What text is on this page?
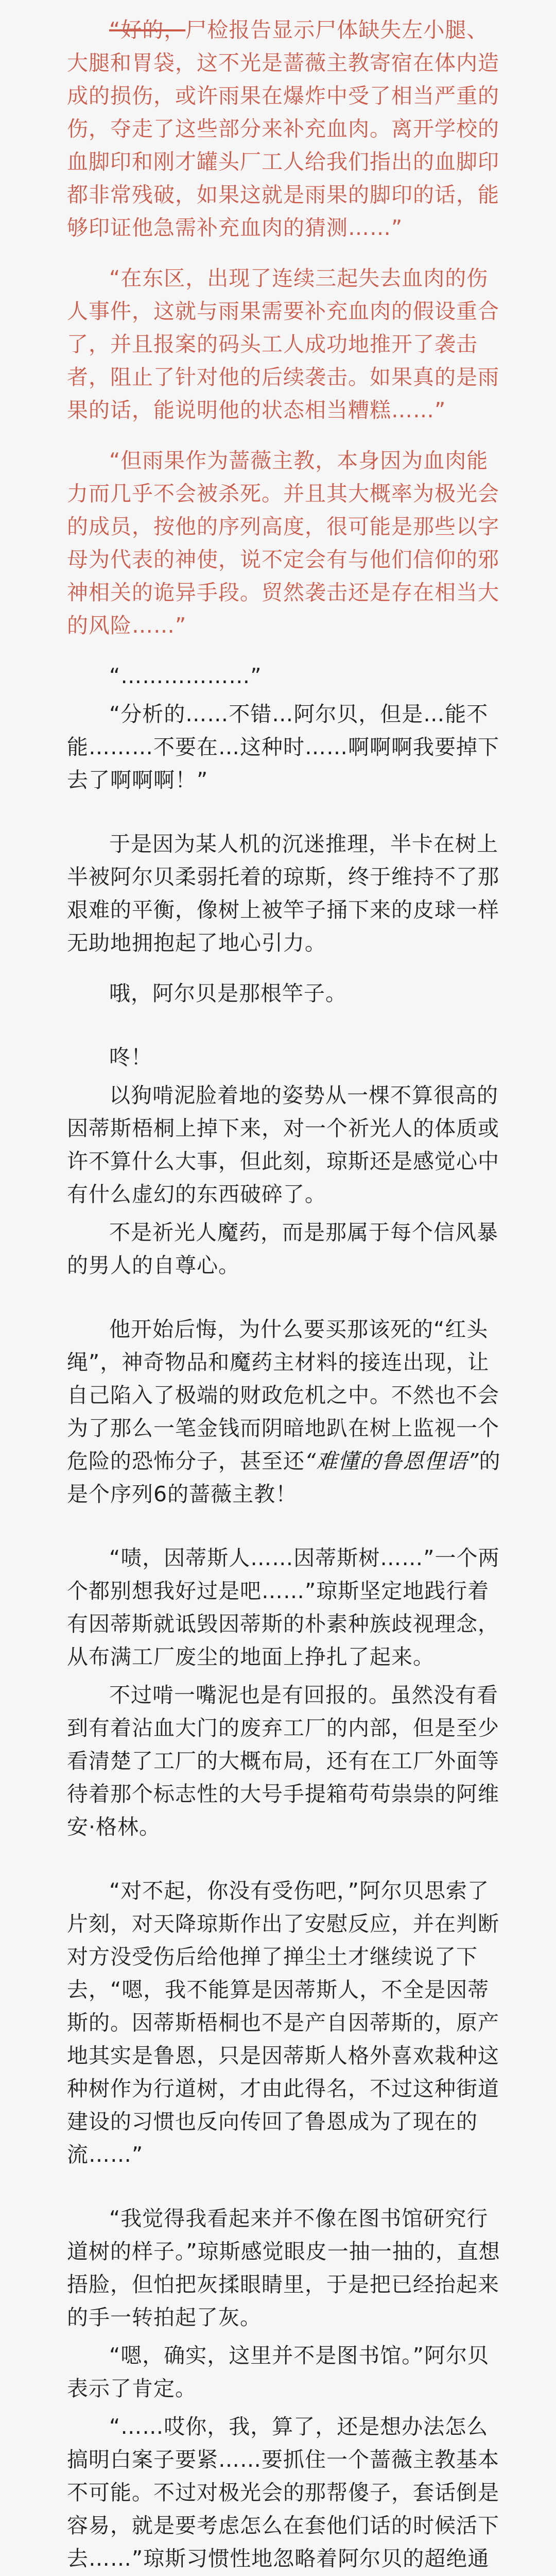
“好的，尸检报告显示尸体缺失左小腿、大腿和胃袋，这不光是蔷薇主教寄宿在体内造成的损伤，或许雨果在爆炸中受了相当严重的伤，夺走了这些部分来补充血肉。离开学校的血脚印和刚才罐头厂工人给我们指出的血脚印都非常残破，如果这就是雨果的脚印的话，能够印证他急需补充血肉的猜测……”

“在东区，出现了连续三起失去血肉的伤人事件，这就与雨果需要补充血肉的假设重合了，并且报案的码头工人成功地推开了袭击者，阻止了针对他的后续袭击。如果真的是雨果的话，能说明他的状态相当糟糕……”

“但雨果作为蔷薇主教，本身因为血肉能力而几乎不会被杀死。并且其大概率为极光会的成员，按他的序列高度，很可能是那些以字母为代表的神使，说不定会有与他们信仰的邪神相关的诡异手段。贸然袭击还是存在相当大的风险……”

“………………”

“分析的……不错…阿尔贝，但是…能不能………不要在…这种时……啊啊啊我要掉下去了啊啊啊！”

于是因为某人机的沉迷推理，半卡在树上半被阿尔贝柔弱托着的琼斯，终于维持不了那艰难的平衡，像树上被竿子捅下来的皮球一样无助地拥抱起了地心引力。

哦，阿尔贝是那根竿子。

咚！

以狗啃泥脸着地的姿势从一棵不算很高的因蒂斯梧桐上掉下来，对一个祈光人的体质或许不算什么大事，但此刻，琼斯还是感觉心中有什么虚幻的东西破碎了。

不是祈光人魔药，而是那属于每个信风暴的男人的自尊心。

他开始后悔，为什么要买那该死的“红头绳”，神奇物品和魔药主材料的接连出现，让自己陷入了极端的财政危机之中。不然也不会为了那么一笔金钱而阴暗地趴在树上监视一个危险的恐怖分子，甚至还“难懂的鲁恩俚语”的是个序列6的蔷薇主教！

“啧，因蒂斯人……因蒂斯树……”一个两个都别想我好过是吧……”琼斯坚定地践行着有因蒂斯就诋毁因蒂斯的朴素种族歧视理念，从布满工厂废尘的地面上挣扎了起来。

不过啃一嘴泥也是有回报的。虽然没有看到有着沾血大门的废弃工厂的内部，但是至少看清楚了工厂的大概布局，还有在工厂外面等待着那个标志性的大号手提箱苟苟祟祟的阿维安·格林。

“对不起，你没有受伤吧，”阿尔贝思索了片刻，对天降琼斯作出了安慰反应，并在判断对方没受伤后给他掸了掸尘土才继续说了下去，“嗯，我不能算是因蒂斯人，不全是因蒂斯的。因蒂斯梧桐也不是产自因蒂斯的，原产地其实是鲁恩，只是因蒂斯人格外喜欢栽种这种树作为行道树，才由此得名，不过这种街道建设的习惯也反向传回了鲁恩成为了现在的流……”

“我觉得我看起来并不像在图书馆研究行道树的样子。”琼斯感觉眼皮一抽一抽的，直想捂脸，但怕把灰揉眼睛里，于是把已经抬起来的手一转拍起了灰。

“嗯，确实，这里并不是图书馆。”阿尔贝表示了肯定。

“……哎你，我，算了，还是想办法怎么搞明白案子要紧……要抓住一个蔷薇主教基本不可能。不过对极光会的那帮傻子，套话倒是容易，就是要考虑怎么在套他们话的时候活下去……”琼斯习惯性地忽略着阿尔贝的超绝通
